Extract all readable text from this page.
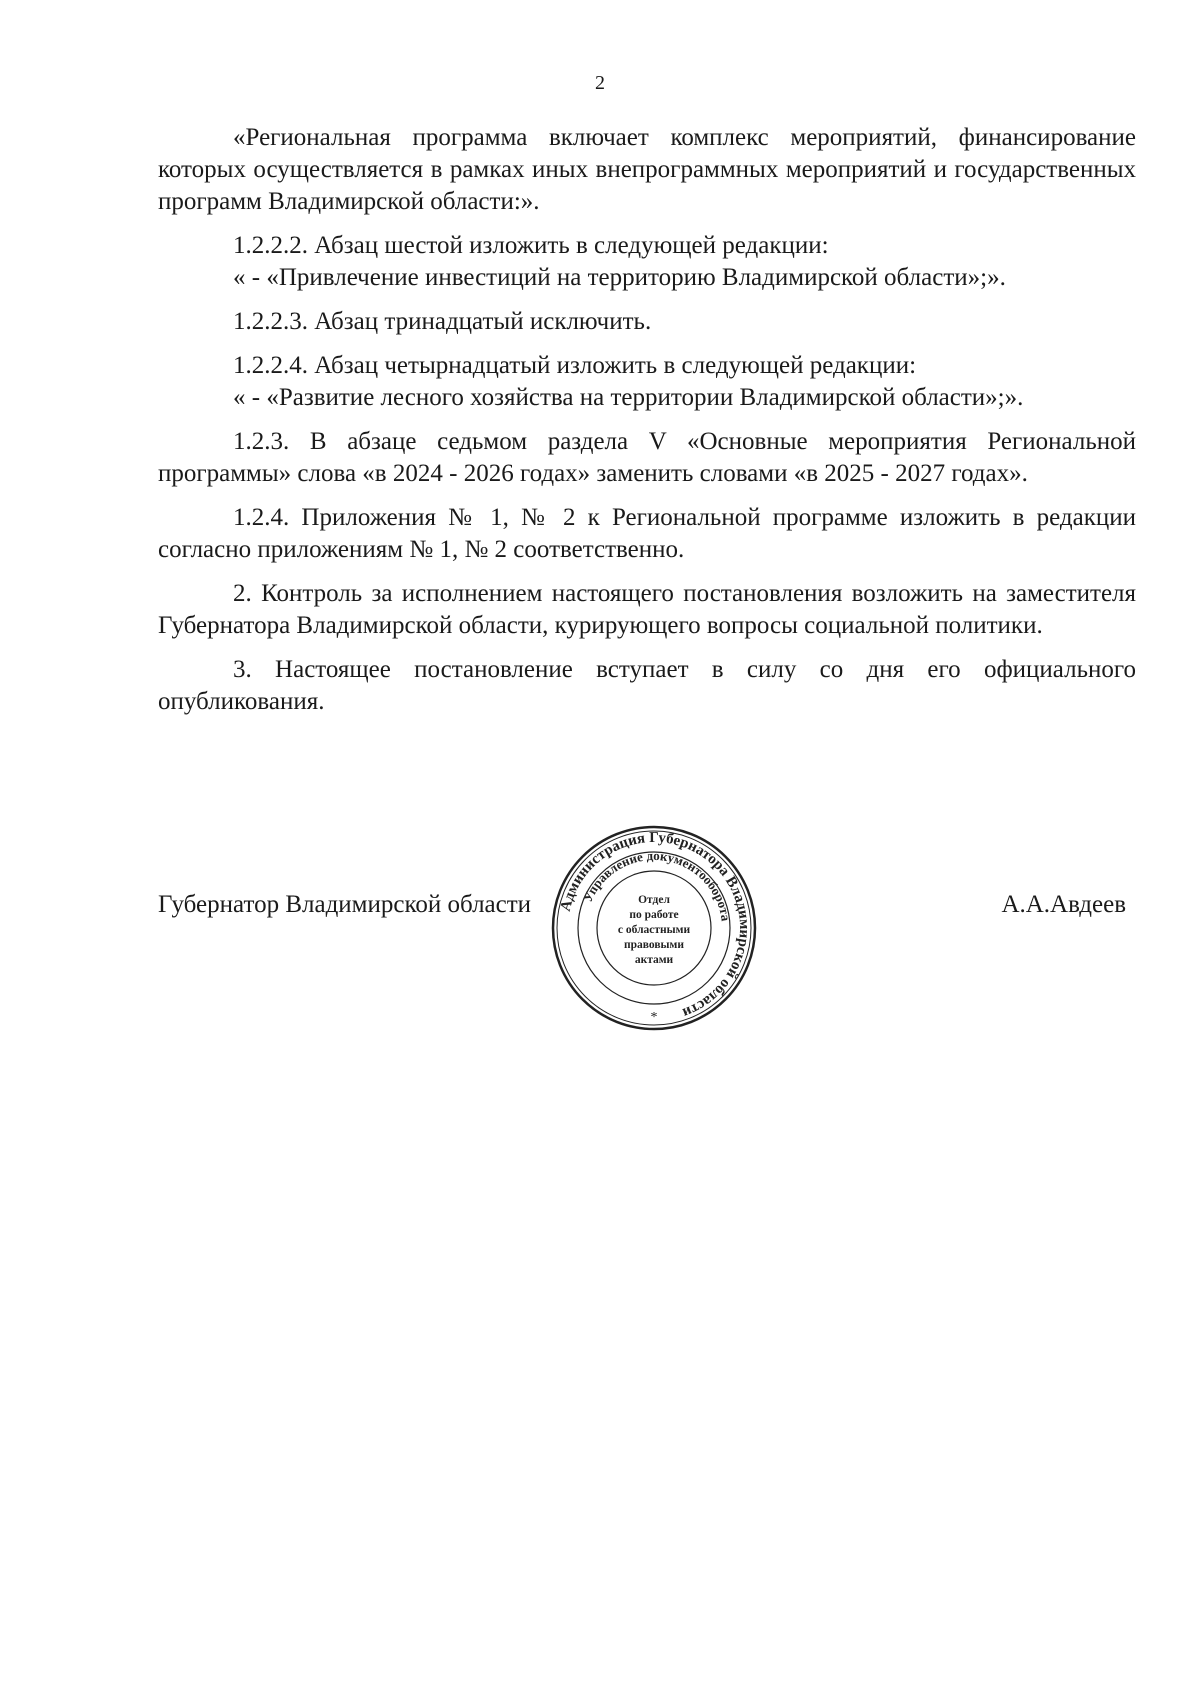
2

«Региональная программа включает комплекс мероприятий, финансирование которых осуществляется в рамках иных внепрограммных мероприятий и государственных программ Владимирской области:».

1.2.2.2. Абзац шестой изложить в следующей редакции:
« - «Привлечение инвестиций на территорию Владимирской области»;».

1.2.2.3. Абзац тринадцатый исключить.

1.2.2.4. Абзац четырнадцатый изложить в следующей редакции:
« - «Развитие лесного хозяйства на территории Владимирской области»;».

1.2.3. В абзаце седьмом раздела V «Основные мероприятия Региональной программы» слова «в 2024 - 2026 годах» заменить словами «в 2025 - 2027 годах».

1.2.4. Приложения № 1, № 2 к Региональной программе изложить в редакции согласно приложениям № 1, № 2 соответственно.

2. Контроль за исполнением настоящего постановления возложить на заместителя Губернатора Владимирской области, курирующего вопросы социальной политики.

3. Настоящее постановление вступает в силу со дня его официального опубликования.

Губернатор Владимирской области	А.А.Авдеев
Администрация Губернатора Владимирской области
Управление документооборота
Отдел
по работе
с областными
правовыми
актами
*
